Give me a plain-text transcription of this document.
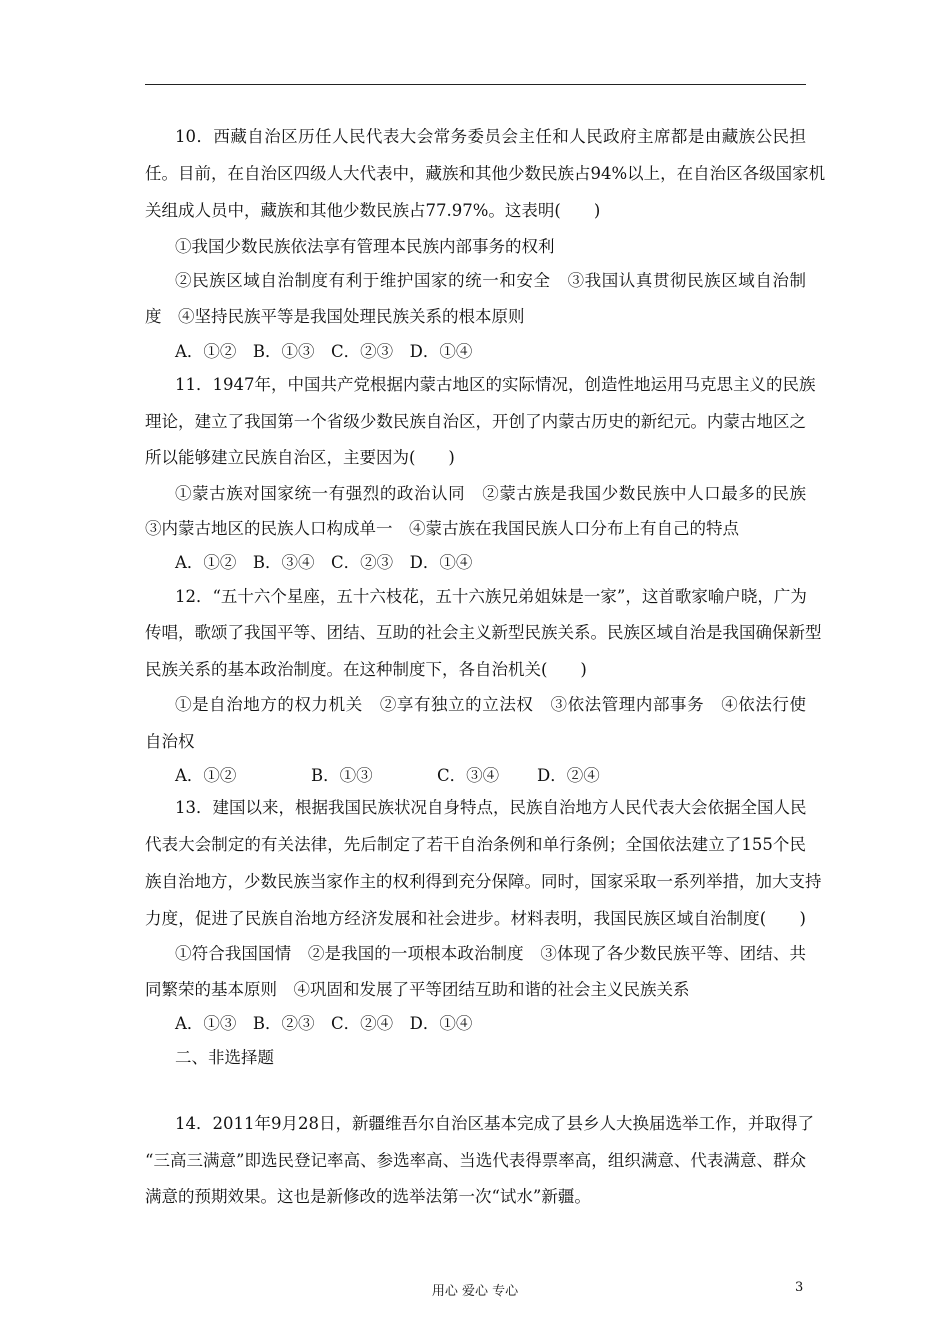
10．西藏自治区历任人民代表大会常务委员会主任和人民政府主席都是由藏族公民担
任。目前，在自治区四级人大代表中，藏族和其他少数民族占94%以上，在自治区各级国家机
关组成人员中，藏族和其他少数民族占77.97%。这表明(　　)
①我国少数民族依法享有管理本民族内部事务的权利
②民族区域自治制度有利于维护国家的统一和安全　③我国认真贯彻民族区域自治制
度　④坚持民族平等是我国处理民族关系的根本原则
A．①②　B．①③　C．②③　D．①④
11．1947年，中国共产党根据内蒙古地区的实际情况，创造性地运用马克思主义的民族
理论，建立了我国第一个省级少数民族自治区，开创了内蒙古历史的新纪元。内蒙古地区之
所以能够建立民族自治区，主要因为(　　)
①蒙古族对国家统一有强烈的政治认同　②蒙古族是我国少数民族中人口最多的民族
③内蒙古地区的民族人口构成单一　④蒙古族在我国民族人口分布上有自己的特点
A．①②　B．③④　C．②③　D．①④
12．“五十六个星座，五十六枝花，五十六族兄弟姐妹是一家”，这首歌家喻户晓，广为
传唱，歌颂了我国平等、团结、互助的社会主义新型民族关系。民族区域自治是我国确保新型
民族关系的基本政治制度。在这种制度下，各自治机关(　　)
①是自治地方的权力机关　②享有独立的立法权　③依法管理内部事务　④依法行使
自治权
A．①②	B．①③	C．③④ D．②④
13．建国以来，根据我国民族状况自身特点，民族自治地方人民代表大会依据全国人民
代表大会制定的有关法律，先后制定了若干自治条例和单行条例；全国依法建立了155个民
族自治地方，少数民族当家作主的权利得到充分保障。同时，国家采取一系列举措，加大支持
力度，促进了民族自治地方经济发展和社会进步。材料表明，我国民族区域自治制度(　　)
①符合我国国情　②是我国的一项根本政治制度　③体现了各少数民族平等、团结、共
同繁荣的基本原则　④巩固和发展了平等团结互助和谐的社会主义民族关系
A．①③　B．②③　C．②④　D．①④
二、非选择题
14．2011年9月28日，新疆维吾尔自治区基本完成了县乡人大换届选举工作，并取得了
“三高三满意”即选民登记率高、参选率高、当选代表得票率高，组织满意、代表满意、群众
满意的预期效果。这也是新修改的选举法第一次“试水”新疆。
用心 爱心 专心	3
